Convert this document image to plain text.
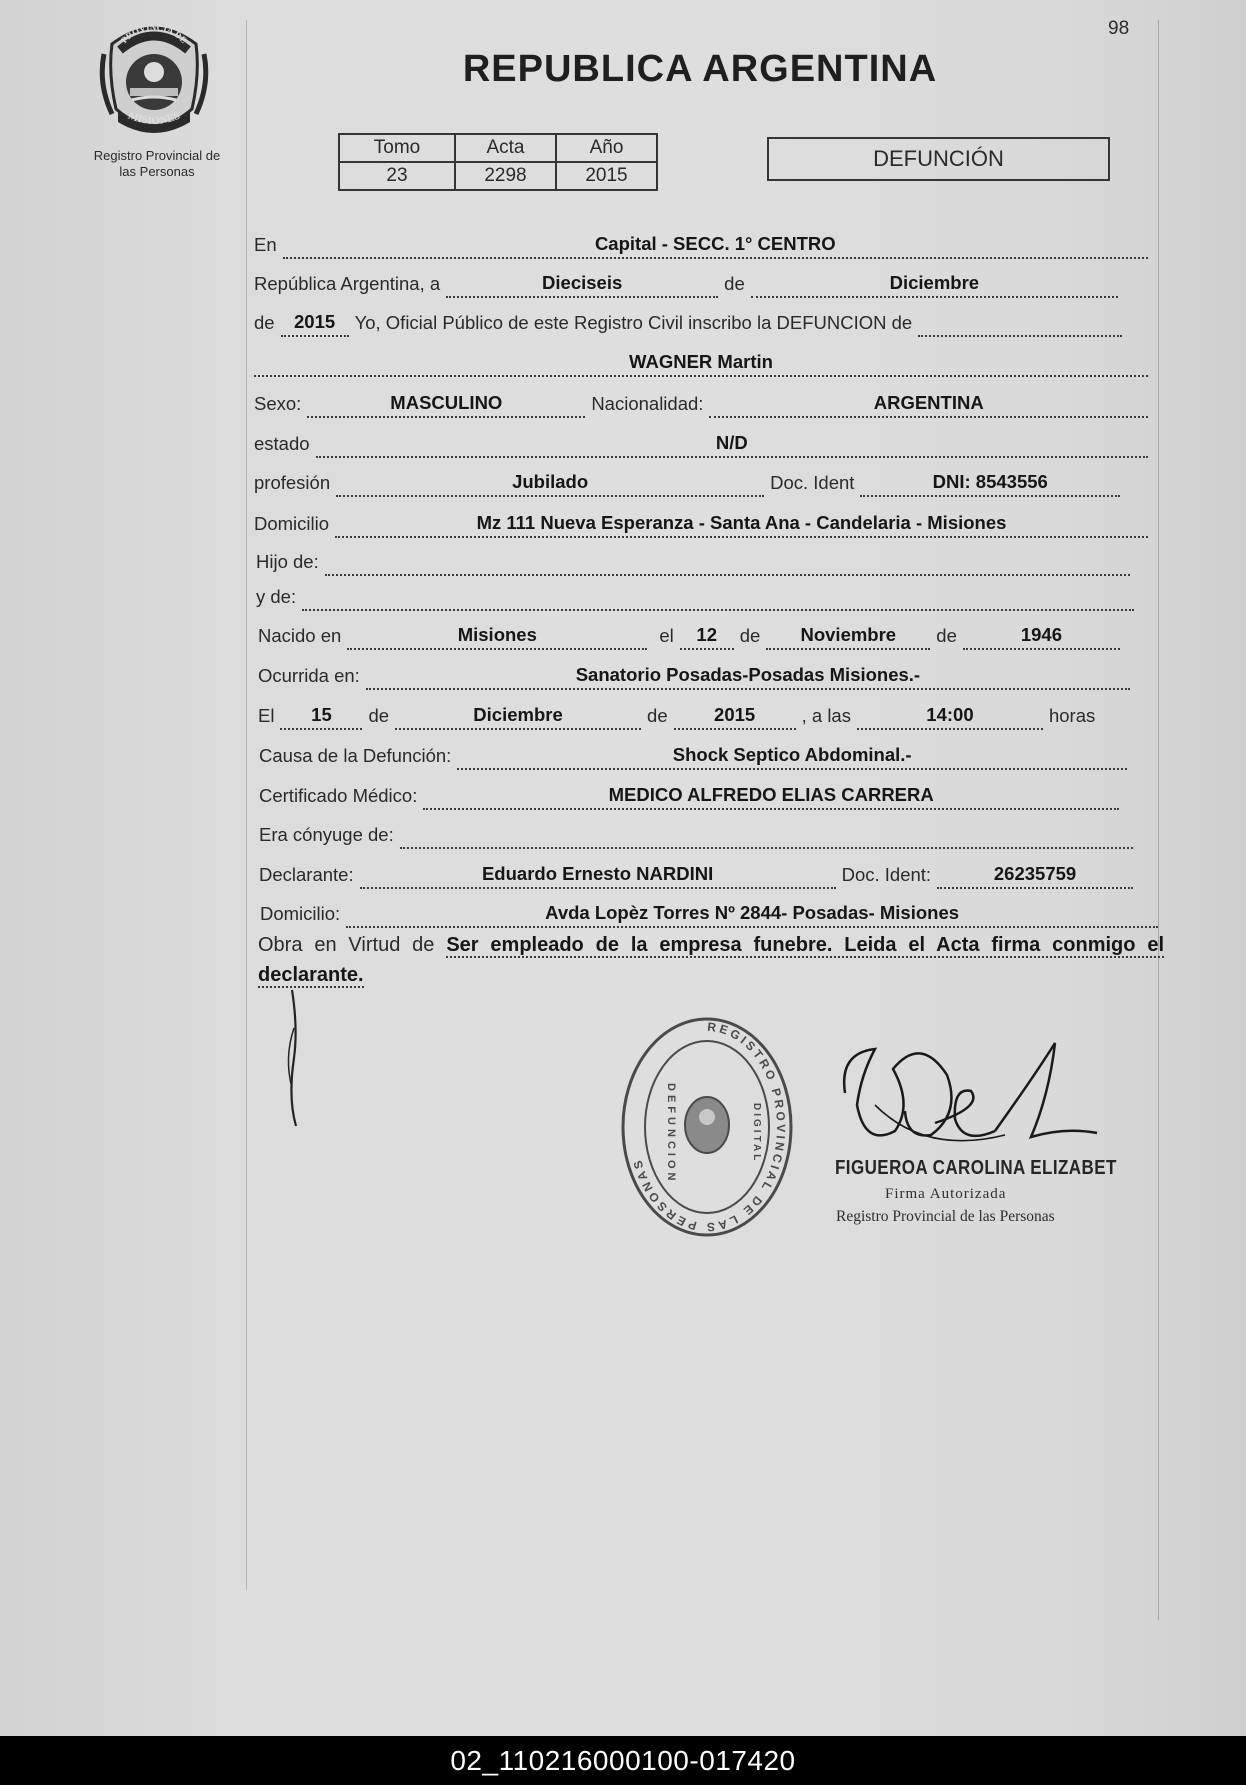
PROVINCIA DE
MISIONES
Registro Provincial de
las Personas
98
REPUBLICA ARGENTINA
Tomo	Acta	Año
23	2298	2015
DEFUNCIÓN
En	Capital - SECC. 1° CENTRO
República Argentina, a	Dieciseis	de	Diciembre
de	2015	Yo, Oficial Público de este Registro Civil inscribo la DEFUNCION de
WAGNER Martin
Sexo:	MASCULINO	Nacionalidad:	ARGENTINA
estado	N/D
profesión	Jubilado	Doc. Ident	DNI: 8543556
Domicilio	Mz 111 Nueva Esperanza - Santa Ana - Candelaria - Misiones
Hijo de:
y de:
Nacido en	Misiones	el	12	de	Noviembre	de	1946
Ocurrida en:	Sanatorio Posadas-Posadas Misiones.-
El	15	de	Diciembre	de	2015	, a las	14:00	horas
Causa de la Defunción:	Shock Septico Abdominal.-
Certificado Médico:	MEDICO ALFREDO ELIAS CARRERA
Era cónyuge de:
Declarante:	Eduardo Ernesto NARDINI	Doc. Ident:	26235759
Domicilio:	Avda Lopèz Torres Nº 2844- Posadas- Misiones
Obra en Virtud de Ser empleado de la empresa funebre. Leida el Acta firma conmigo el declarante.
REGISTRO PROVINCIAL DE LAS PERSONAS
DEFUNCION
DIGITAL	FIGUEROA CAROLINA ELIZABET
Firma Autorizada
Registro Provincial de las Personas
02_110216000100-017420
